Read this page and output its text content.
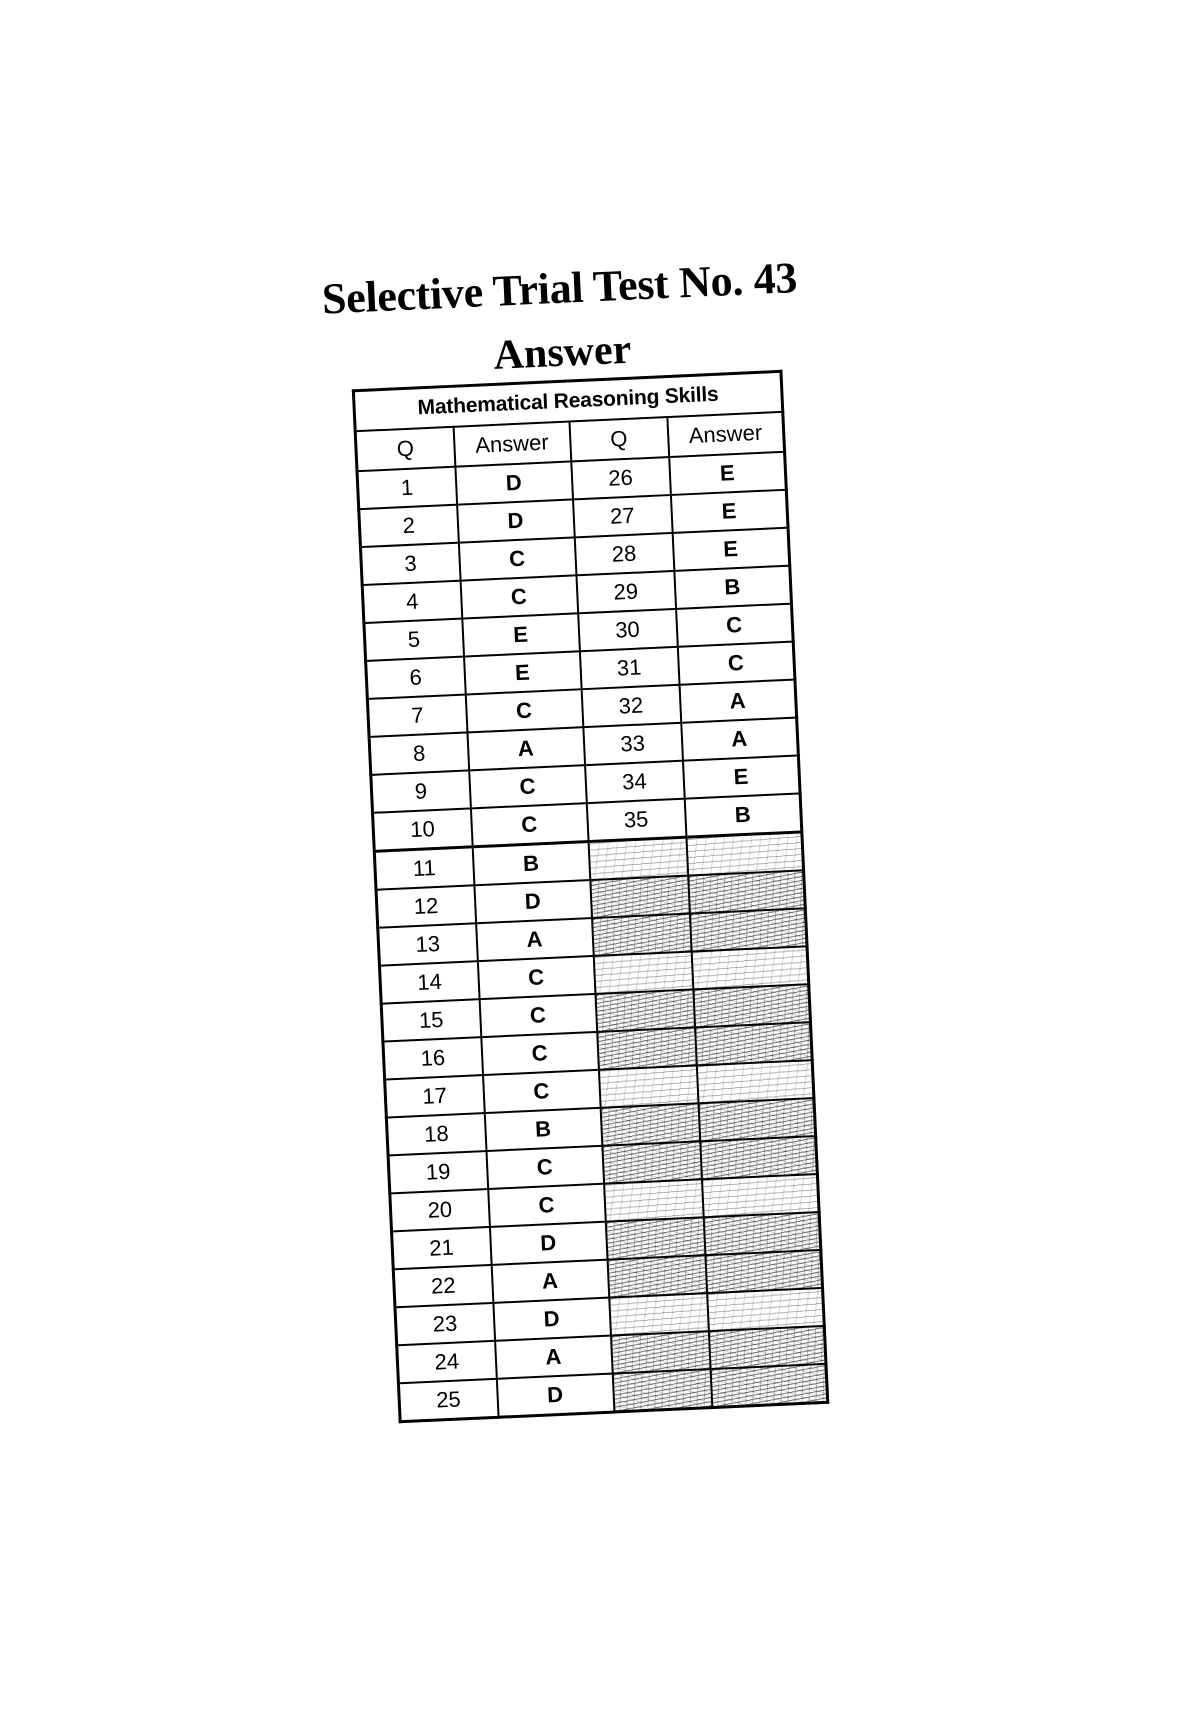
Selective Trial Test No. 43
Answer
Mathematical Reasoning Skills			
Q	Answer	Q	Answer
1	D	26	E
2	D	27	E
3	C	28	E
4	C	29	B
5	E	30	C
6	E	31	C
7	C	32	A
8	A	33	A
9	C	34	E
10	C	35	B
11	B		
12	D		
13	A		
14	C		
15	C		
16	C		
17	C		
18	B		
19	C		
20	C		
21	D		
22	A		
23	D		
24	A		
25	D		
